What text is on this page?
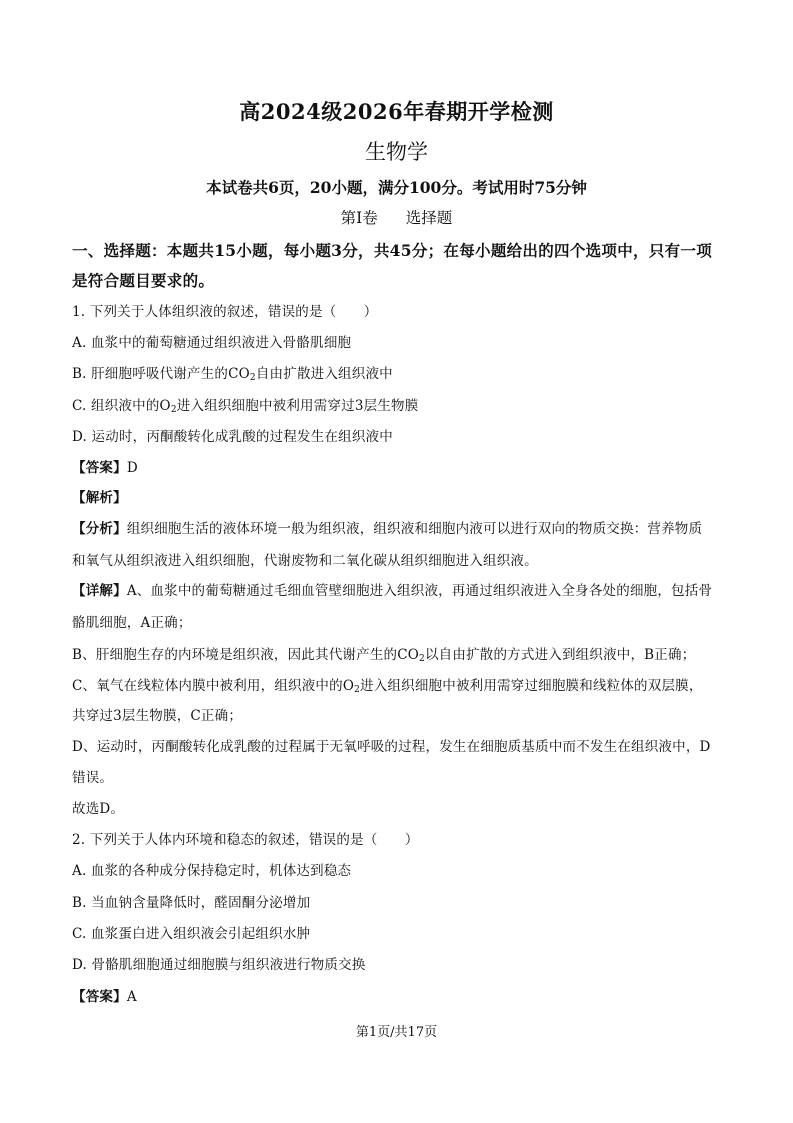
高2024级2026年春期开学检测
生物学
本试卷共6页，20小题，满分100分。考试用时75分钟
第Ⅰ卷 选择题
一、选择题：本题共15小题，每小题3分，共45分；在每小题给出的四个选项中，只有一项是符合题目要求的。
1. 下列关于人体组织液的叙述，错误的是（　　）
A. 血浆中的葡萄糖通过组织液进入骨骼肌细胞
B. 肝细胞呼吸代谢产生的$CO_2$自由扩散进入组织液中
C. 组织液中的$O_2$进入组织细胞中被利用需穿过3层生物膜
D. 运动时，丙酮酸转化成乳酸的过程发生在组织液中
【答案】D
【解析】
【分析】组织细胞生活的液体环境一般为组织液，组织液和细胞内液可以进行双向的物质交换：营养物质
和氧气从组织液进入组织细胞，代谢废物和二氧化碳从组织细胞进入组织液。
【详解】A、血浆中的葡萄糖通过毛细血管壁细胞进入组织液，再通过组织液进入全身各处的细胞，包括骨
骼肌细胞，A正确；
B、肝细胞生存的内环境是组织液，因此其代谢产生的$CO_2$以自由扩散的方式进入到组织液中，B正确；
C、氧气在线粒体内膜中被利用，组织液中的$O_2$进入组织细胞中被利用需穿过细胞膜和线粒体的双层膜，
共穿过3层生物膜，C正确；
D、运动时，丙酮酸转化成乳酸的过程属于无氧呼吸的过程，发生在细胞质基质中而不发生在组织液中，D
错误。
故选D。
2. 下列关于人体内环境和稳态的叙述，错误的是（　　）
A. 血浆的各种成分保持稳定时，机体达到稳态
B. 当血钠含量降低时，醛固酮分泌增加
C. 血浆蛋白进入组织液会引起组织水肿
D. 骨骼肌细胞通过细胞膜与组织液进行物质交换
【答案】A
第1页/共17页
